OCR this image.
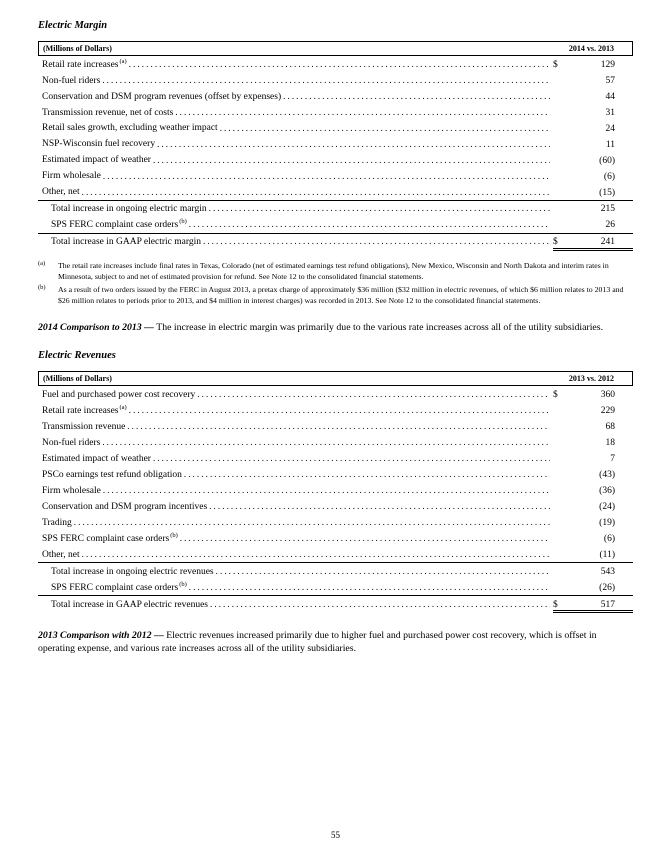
Electric Margin
(Millions of Dollars)	2014 vs. 2013
Retail rate increases$^{(a)}$ .....	$	129
Non-fuel riders .....	57
Conservation and DSM program revenues (offset by expenses) .....	44
Transmission revenue, net of costs .....	31
Retail sales growth, excluding weather impact .....	24
NSP-Wisconsin fuel recovery .....	11
Estimated impact of weather .....	(60)
Firm wholesale .....	(6)
Other, net .....	(15)
Total increase in ongoing electric margin .....	215
SPS FERC complaint case orders$^{(b)}$ .....	26
Total increase in GAAP electric margin .....	$	241
(a)	The retail rate increases include final rates in Texas, Colorado (net of estimated earnings test refund obligations), New Mexico, Wisconsin and North Dakota and interim rates in Minnesota, subject to and net of estimated provision for refund. See Note 12 to the consolidated financial statements.
(b)	As a result of two orders issued by the FERC in August 2013, a pretax charge of approximately $36 million ($32 million in electric revenues, of which $6 million relates to 2013 and $26 million relates to periods prior to 2013, and $4 million in interest charges) was recorded in 2013. See Note 12 to the consolidated financial statements.
2014 Comparison to 2013 — The increase in electric margin was primarily due to the various rate increases across all of the utility subsidiaries.
Electric Revenues
(Millions of Dollars)	2013 vs. 2012
Fuel and purchased power cost recovery .....	$	360
Retail rate increases$^{(a)}$ .....	229
Transmission revenue .....	68
Non-fuel riders .....	18
Estimated impact of weather .....	7
PSCo earnings test refund obligation .....	(43)
Firm wholesale .....	(36)
Conservation and DSM program incentives .....	(24)
Trading .....	(19)
SPS FERC complaint case orders$^{(b)}$ .....	(6)
Other, net .....	(11)
Total increase in ongoing electric revenues .....	543
SPS FERC complaint case orders$^{(b)}$ .....	(26)
Total increase in GAAP electric revenues .....	$	517
2013 Comparison with 2012 — Electric revenues increased primarily due to higher fuel and purchased power cost recovery, which is offset in operating expense, and various rate increases across all of the utility subsidiaries.
55
